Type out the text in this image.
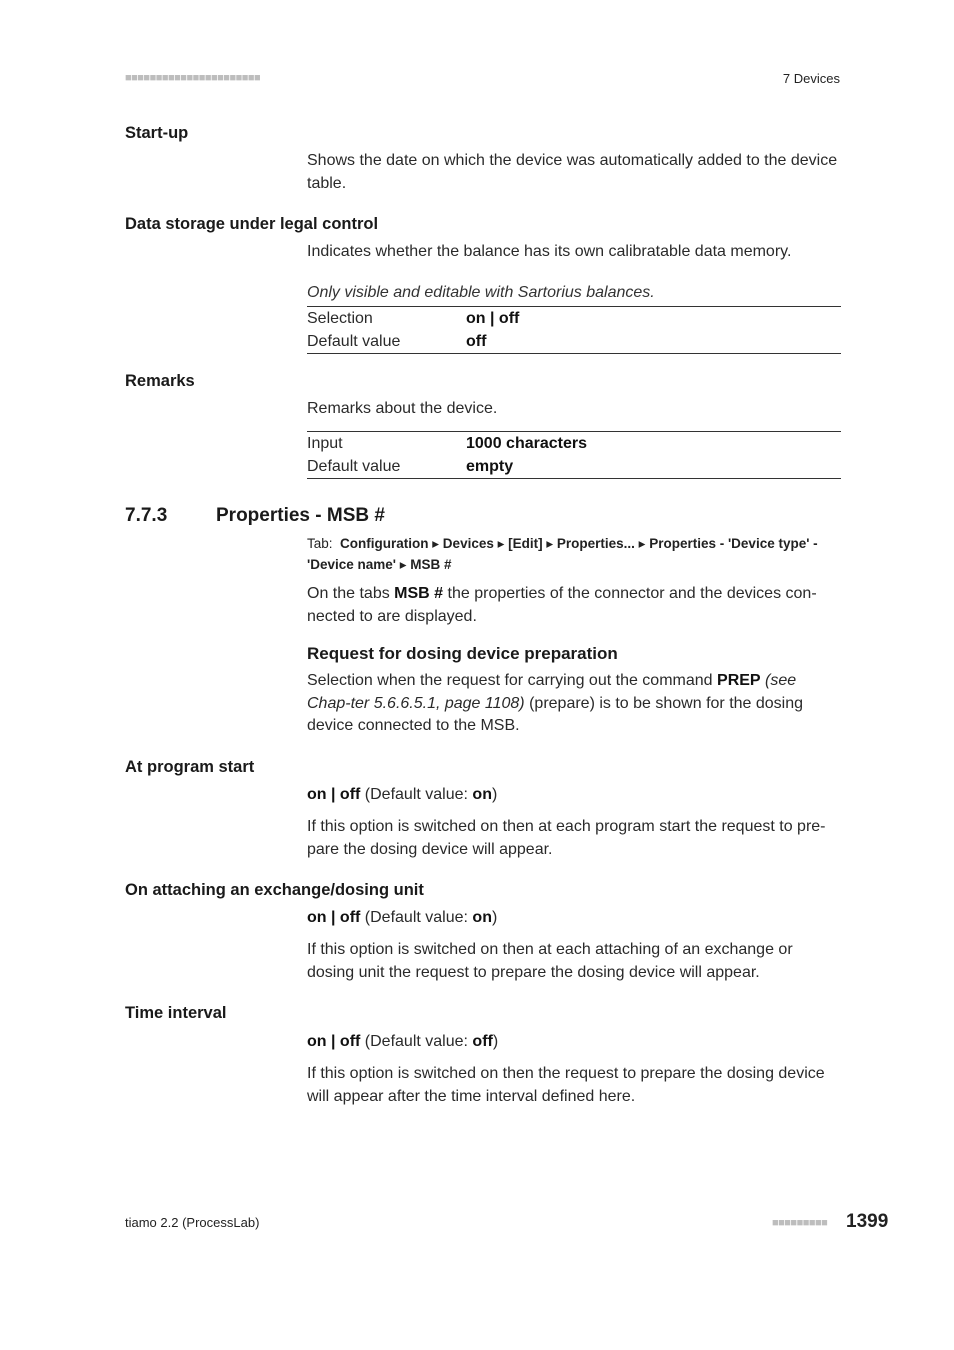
■■■■■■■■■■■■■■■■■■■■■■	7 Devices
Start-up
Shows the date on which the device was automatically added to the device table.
Data storage under legal control
Indicates whether the balance has its own calibratable data memory.
Only visible and editable with Sartorius balances.
Selection	on | off
Default value	off
Remarks
Remarks about the device.
Input	1000 characters
Default value	empty
7.7.3	Properties - MSB #
Tab: Configuration ▸ Devices ▸ [Edit] ▸ Properties... ▸ Properties - 'Device type' -
'Device name' ▸ MSB #
On the tabs MSB # the properties of the connector and the devices con-nected to are displayed.
Request for dosing device preparation
Selection when the request for carrying out the command PREP (see Chap-ter 5.6.6.5.1, page 1108) (prepare) is to be shown for the dosing device connected to the MSB.
At program start
on | off (Default value: on)
If this option is switched on then at each program start the request to pre-pare the dosing device will appear.
On attaching an exchange/dosing unit
on | off (Default value: on)
If this option is switched on then at each attaching of an exchange or dosing unit the request to prepare the dosing device will appear.
Time interval
on | off (Default value: off)
If this option is switched on then the request to prepare the dosing device will appear after the time interval defined here.
tiamo 2.2 (ProcessLab)	■■■■■■■■■ 1399
